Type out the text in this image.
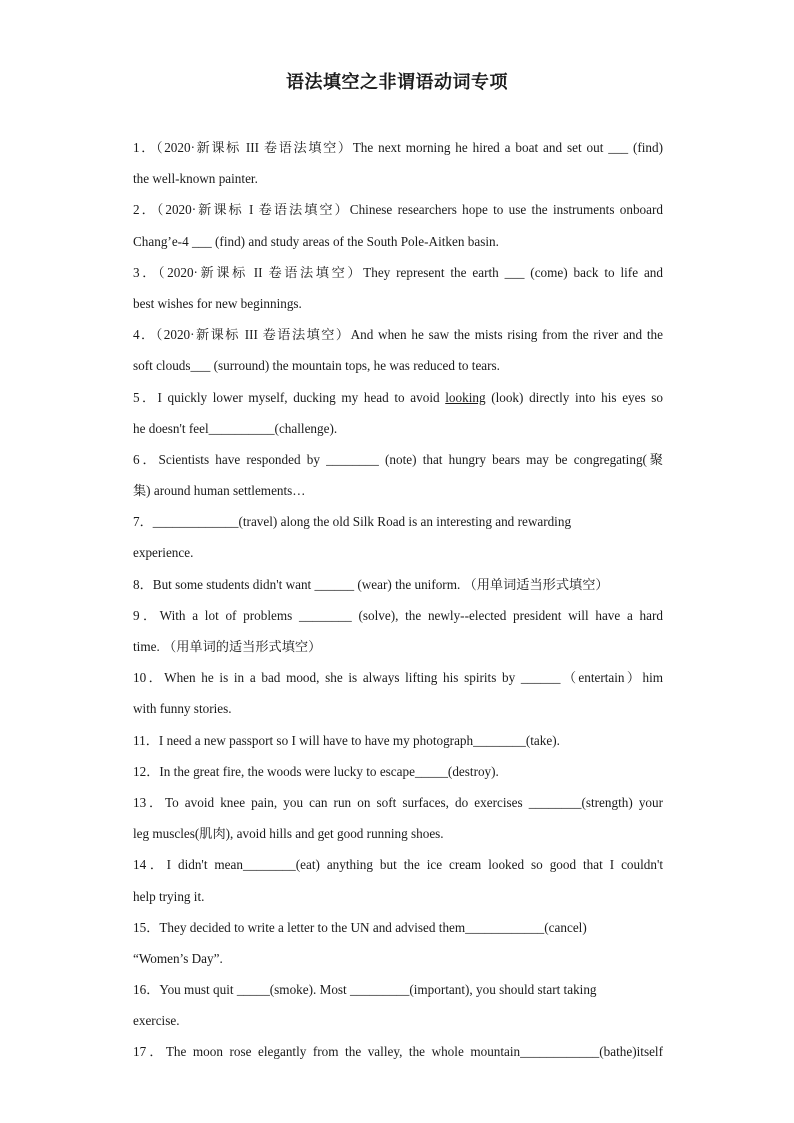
语法填空之非谓语动词专项
1．（2020·新课标 III 卷语法填空）The next morning he hired a boat and set out ___ (find)
the well-known painter.
2．（2020·新课标 I 卷语法填空）Chinese researchers hope to use the instruments onboard
Chang’e-4 ___ (find) and study areas of the South Pole-Aitken basin.
3．（2020·新课标 II 卷语法填空）They represent the earth ___ (come) back to life and
best wishes for new beginnings.
4．（2020·新课标 III 卷语法填空）And when he saw the mists rising from the river and the
soft clouds___ (surround) the mountain tops, he was reduced to tears.
5．I quickly lower myself, ducking my head to avoid looking (look) directly into his eyes so
he doesn't feel__________(challenge).
6．Scientists have responded by ________ (note) that hungry bears may be congregating(聚
集) around human settlements…
7．_____________(travel) along the old Silk Road is an interesting and rewarding
experience.
8．But some students didn't want ______ (wear) the uniform. （用单词适当形式填空）
9．With a lot of problems ________ (solve), the newly--elected president will have a hard
time. （用单词的适当形式填空）
10．When he is in a bad mood, she is always lifting his spirits by ______（entertain）him
with funny stories.
11．I need a new passport so I will have to have my photograph________(take).
12．In the great fire, the woods were lucky to escape_____(destroy).
13．To avoid knee pain, you can run on soft surfaces, do exercises ________(strength) your
leg muscles(肌肉), avoid hills and get good running shoes.
14．I didn't mean________(eat) anything but the ice cream looked so good that I couldn't
help trying it.
15．They decided to write a letter to the UN and advised them____________(cancel)
“Women’s Day”.
16．You must quit _____(smoke). Most _________(important), you should start taking
exercise.
17．The moon rose elegantly from the valley, the whole mountain____________(bathe)itself
